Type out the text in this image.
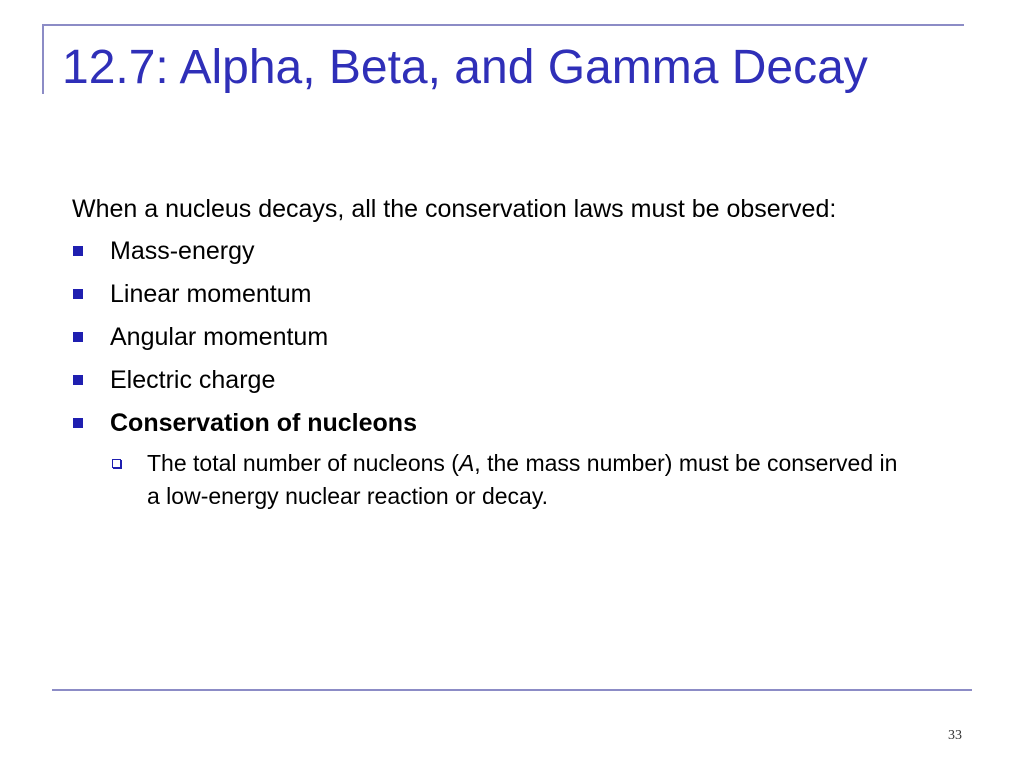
12.7: Alpha, Beta, and Gamma Decay

When a nucleus decays, all the conservation laws must be observed:

Mass-energy
Linear momentum
Angular momentum
Electric charge
Conservation of nucleons
The total number of nucleons (A, the mass number) must be conserved in a low-energy nuclear reaction or decay.
33
